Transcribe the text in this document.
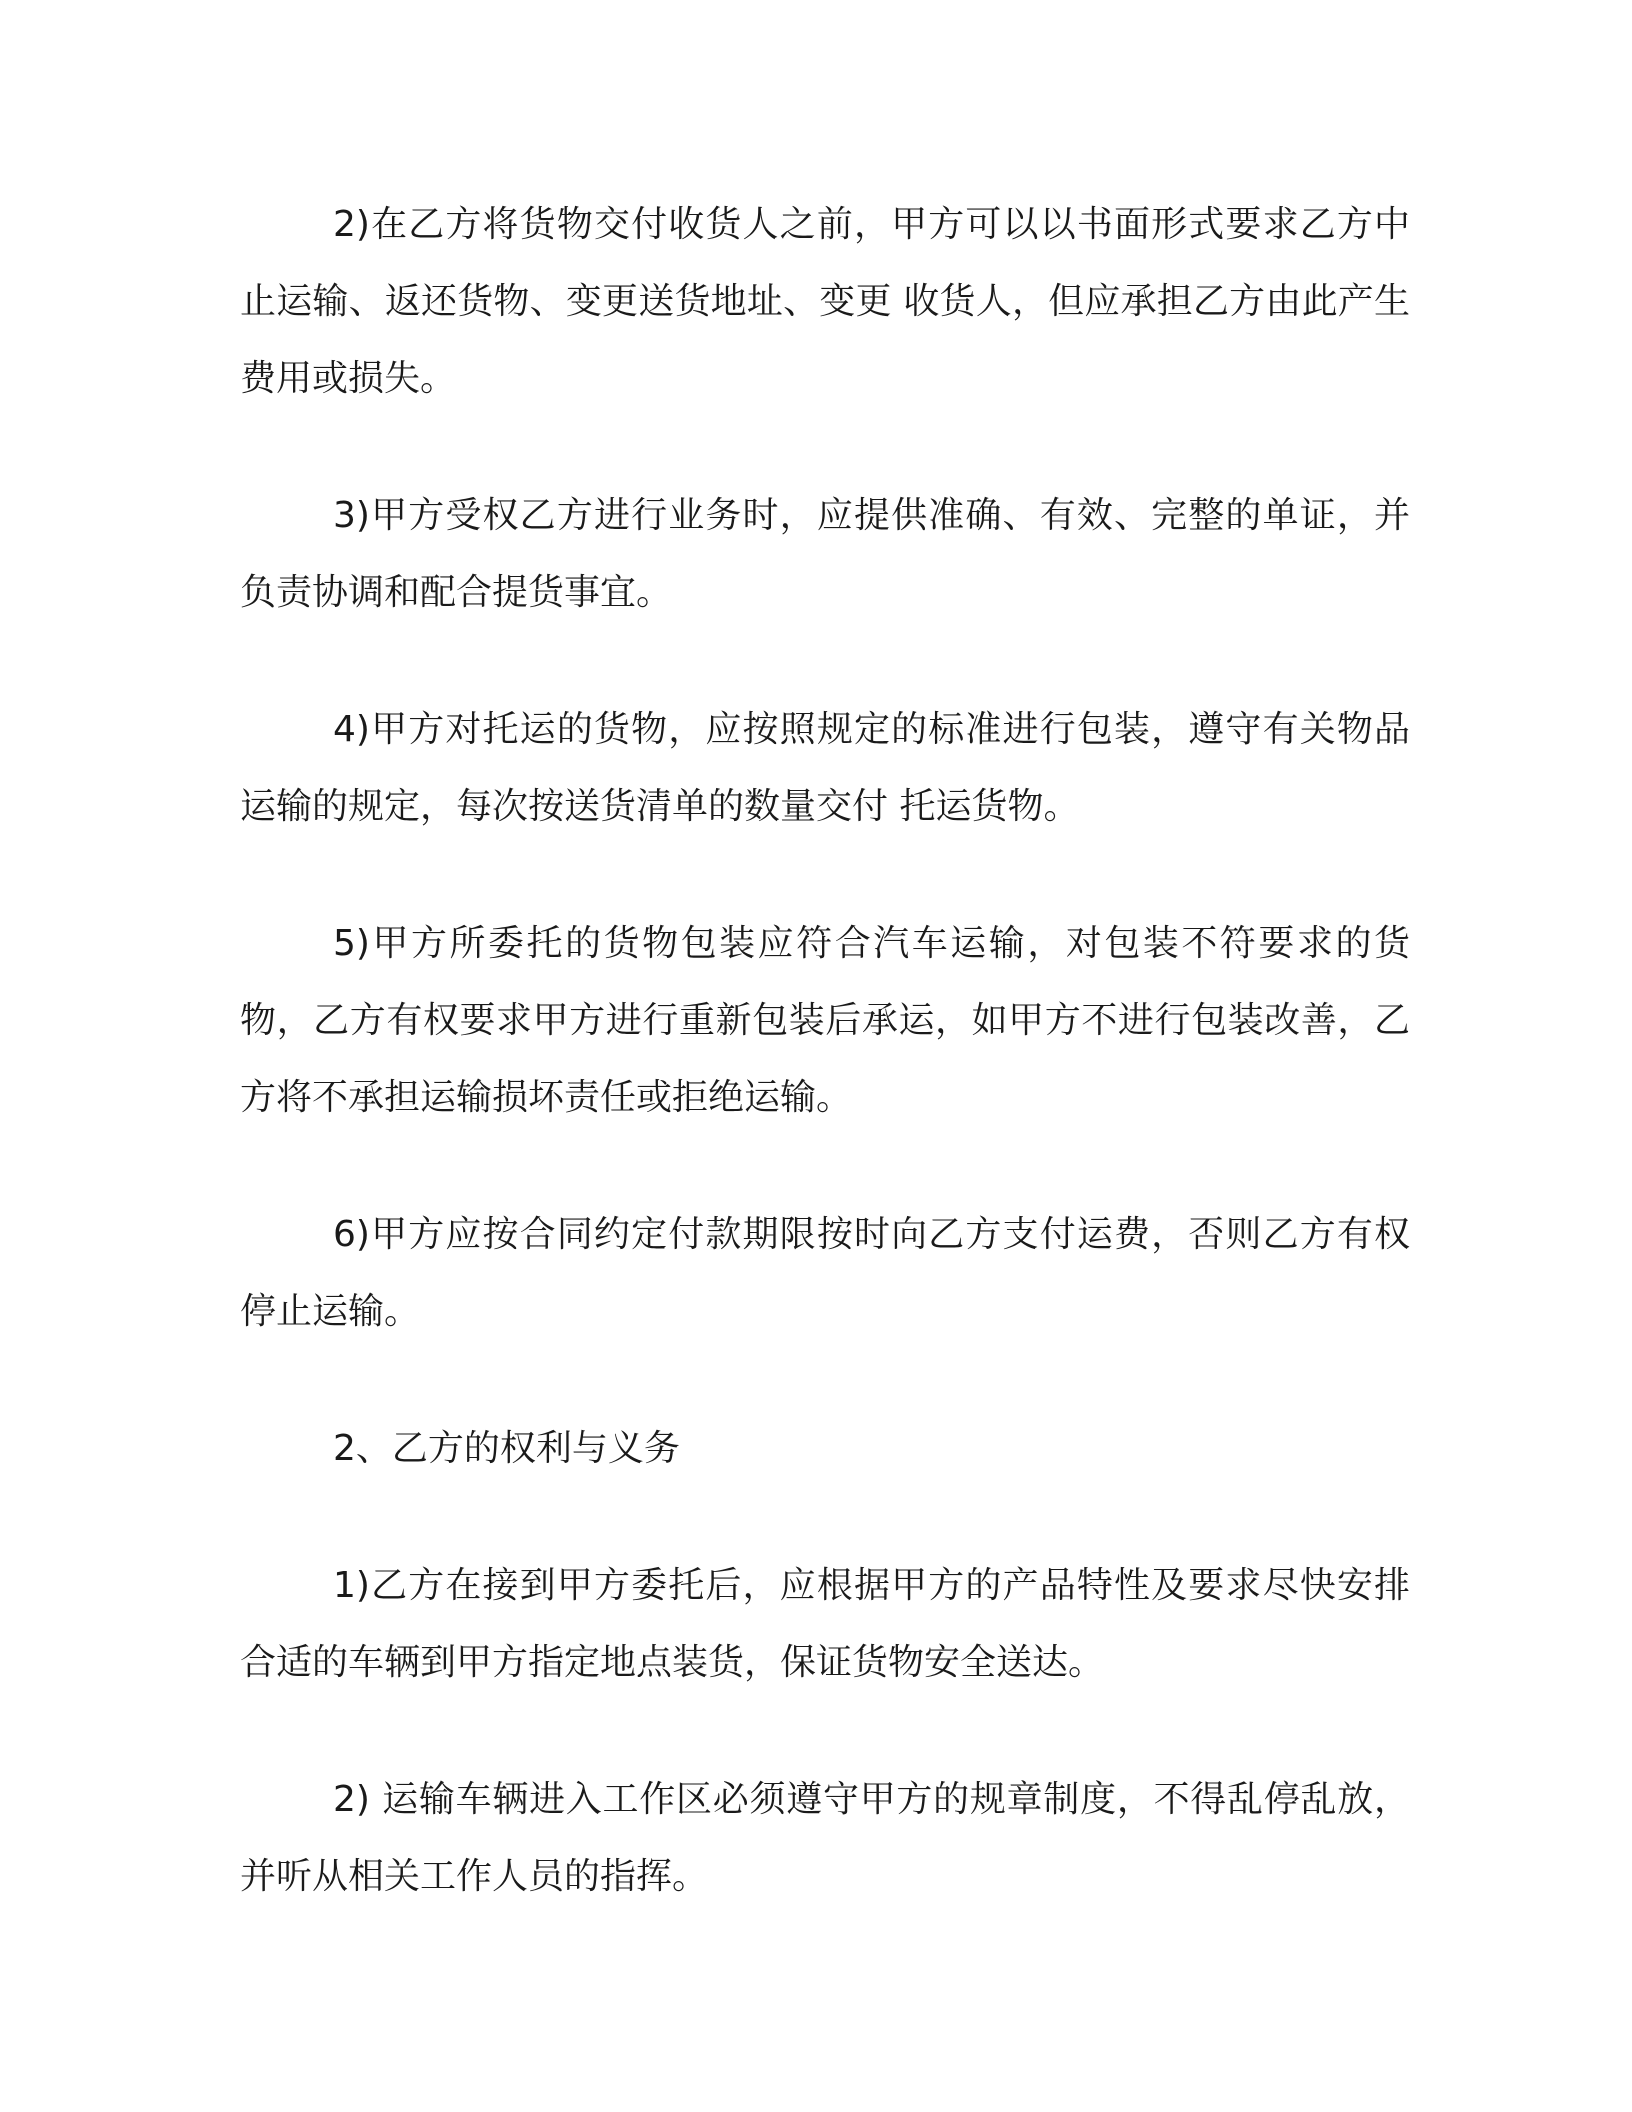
2)在乙方将货物交付收货人之前，甲方可以以书面形式要求乙方中止运输、返还货物、变更送货地址、变更 收货人，但应承担乙方由此产生费用或损失。

3)甲方受权乙方进行业务时，应提供准确、有效、完整的单证，并负责协调和配合提货事宜。

4)甲方对托运的货物，应按照规定的标准进行包装，遵守有关物品运输的规定，每次按送货清单的数量交付 托运货物。

5)甲方所委托的货物包装应符合汽车运输，对包装不符要求的货物，乙方有权要求甲方进行重新包装后承运，如甲方不进行包装改善，乙方将不承担运输损坏责任或拒绝运输。

6)甲方应按合同约定付款期限按时向乙方支付运费，否则乙方有权停止运输。

2、乙方的权利与义务

1)乙方在接到甲方委托后，应根据甲方的产品特性及要求尽快安排合适的车辆到甲方指定地点装货，保证货物安全送达。

2) 运输车辆进入工作区必须遵守甲方的规章制度，不得乱停乱放，并听从相关工作人员的指挥。
